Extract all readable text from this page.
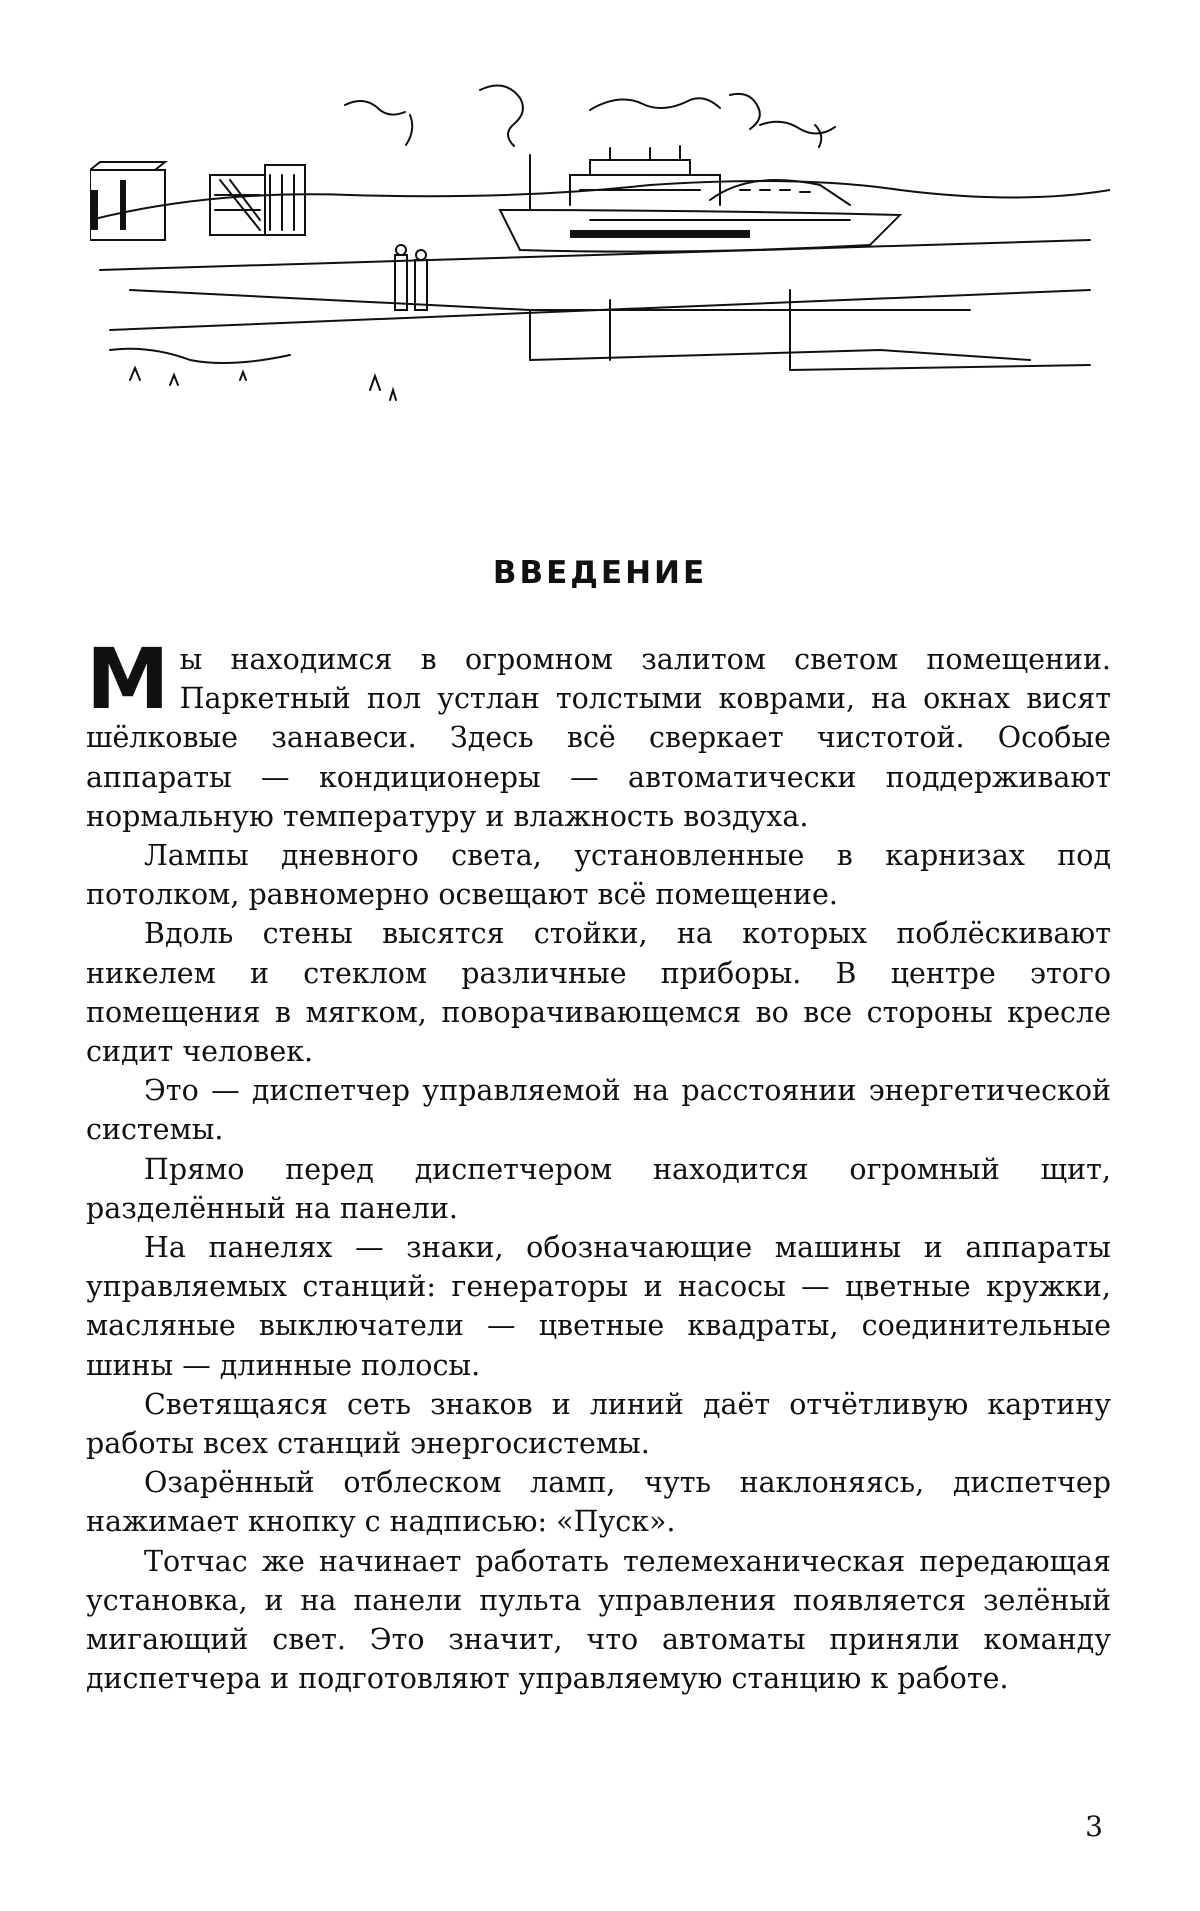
ВВЕДЕНИЕ

Мы находимся в огромном залитом светом помещении. Паркетный пол устлан толстыми коврами, на окнах висят шёлковые занавеси. Здесь всё сверкает чистотой. Особые аппараты — кондиционеры — автоматически поддерживают нормальную температуру и влажность воздуха.

Лампы дневного света, установленные в карнизах под потолком, равномерно освещают всё помещение.

Вдоль стены высятся стойки, на которых поблёскивают никелем и стеклом различные приборы. В центре этого помещения в мягком, поворачивающемся во все стороны кресле сидит человек.

Это — диспетчер управляемой на расстоянии энергетической системы.

Прямо перед диспетчером находится огромный щит, разделённый на панели.

На панелях — знаки, обозначающие машины и аппараты управляемых станций: генераторы и насосы — цветные кружки, масляные выключатели — цветные квадраты, соединительные шины — длинные полосы.

Светящаяся сеть знаков и линий даёт отчётливую картину работы всех станций энергосистемы.

Озарённый отблеском ламп, чуть наклоняясь, диспетчер нажимает кнопку с надписью: «Пуск».

Тотчас же начинает работать телемеханическая передающая установка, и на панели пульта управления появляется зелёный мигающий свет. Это значит, что автоматы приняли команду диспетчера и подготовляют управляемую станцию к работе.

3
